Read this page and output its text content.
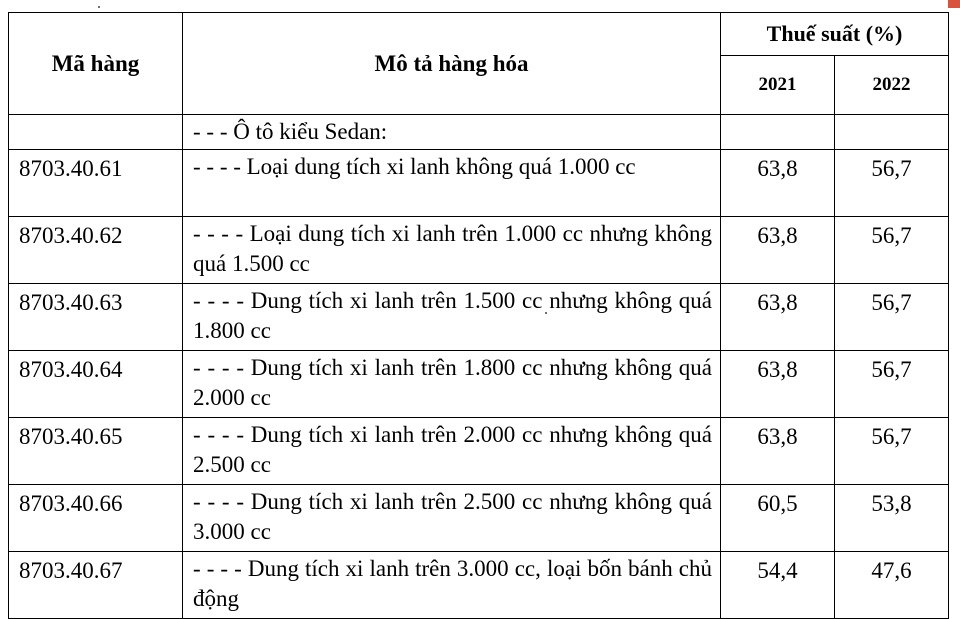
Mã hàng	Mô tả hàng hóa	Thuế suất (%)	
		2021	2022
	- - - Ô tô kiểu Sedan:		
8703.40.61	- - - - Loại dung tích xi lanh không quá 1.000 cc	63,8	56,7
8703.40.62	- - - - Loại dung tích xi lanh trên 1.000 cc nhưng không quá 1.500 cc	63,8	56,7
8703.40.63	- - - - Dung tích xi lanh trên 1.500 cc nhưng không quá 1.800 cc	63,8	56,7
8703.40.64	- - - - Dung tích xi lanh trên 1.800 cc nhưng không quá 2.000 cc	63,8	56,7
8703.40.65	- - - - Dung tích xi lanh trên 2.000 cc nhưng không quá 2.500 cc	63,8	56,7
8703.40.66	- - - - Dung tích xi lanh trên 2.500 cc nhưng không quá 3.000 cc	60,5	53,8
8703.40.67	- - - - Dung tích xi lanh trên 3.000 cc, loại bốn bánh chủ động	54,4	47,6
